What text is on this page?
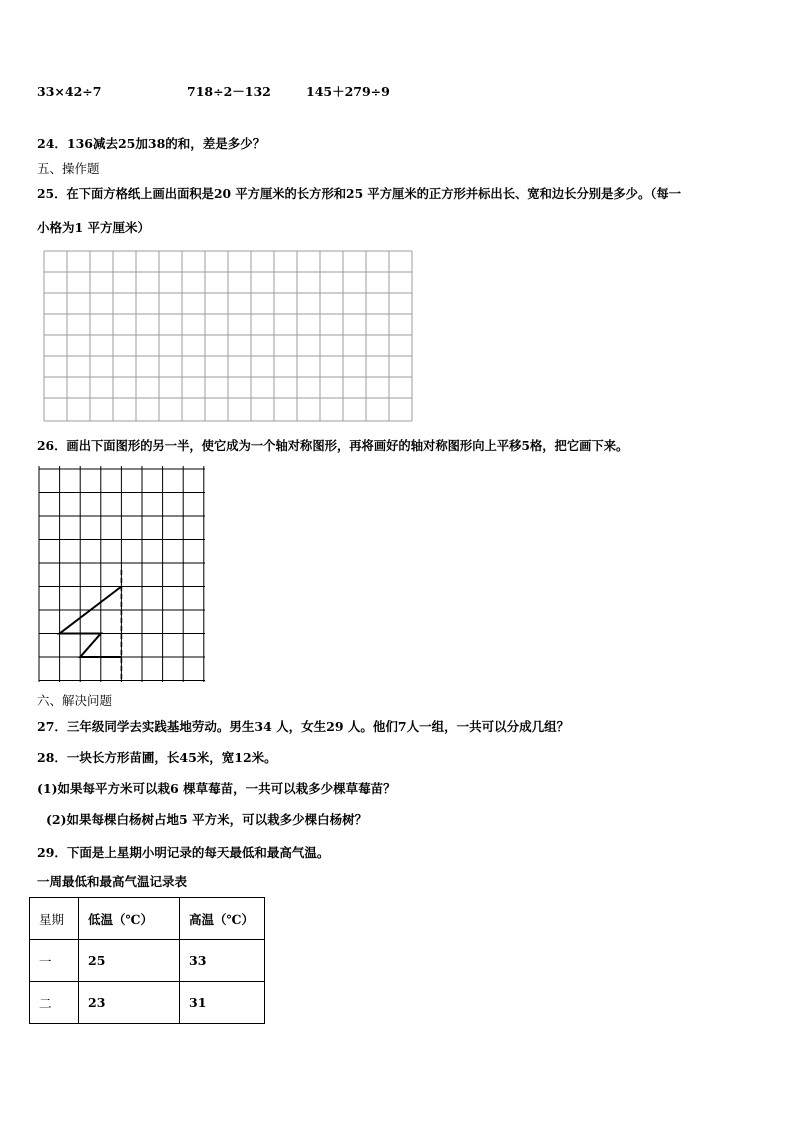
33×42÷7	718÷2－132	145＋279÷9
24．136减去25加38的和，差是多少？
五、操作题
25．在下面方格纸上画出面积是20 平方厘米的长方形和25 平方厘米的正方形并标出长、宽和边长分别是多少。（每一
小格为1 平方厘米）
26．画出下面图形的另一半，使它成为一个轴对称图形，再将画好的轴对称图形向上平移5格，把它画下来。
六、解决问题
27．三年级同学去实践基地劳动。男生34 人，女生29 人。他们7人一组，一共可以分成几组？
28．一块长方形苗圃，长45米，宽12米。
(1)如果每平方米可以栽6 棵草莓苗，一共可以栽多少棵草莓苗？
(2)如果每棵白杨树占地5 平方米，可以栽多少棵白杨树？
29．下面是上星期小明记录的每天最低和最高气温。
一周最低和最高气温记录表
星期	低温（℃）	高温（℃）
一	25	33
二	23	31
